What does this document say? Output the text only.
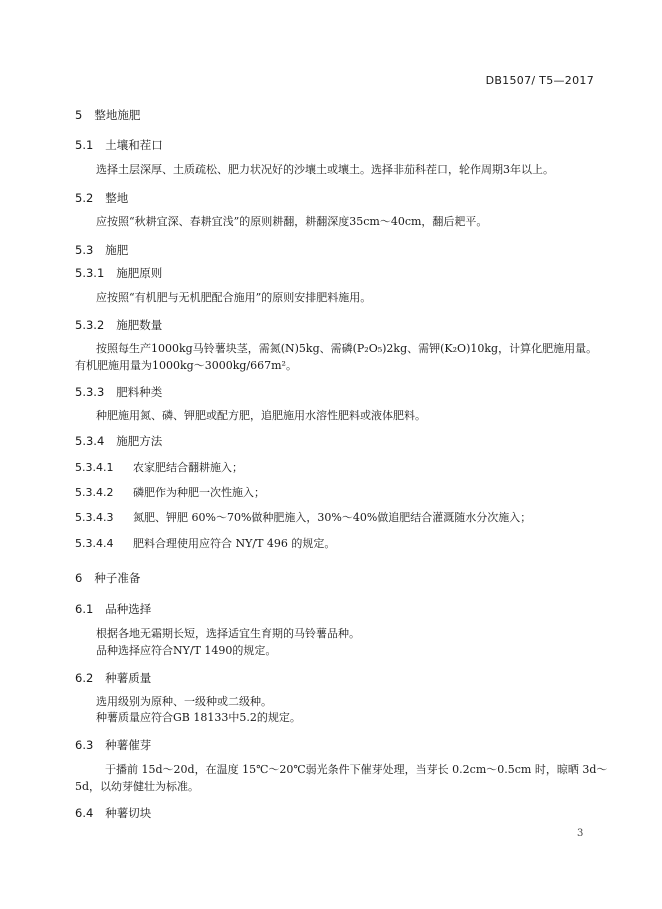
DB1507/ T5—2017
5 整地施肥
5.1 土壤和茬口
选择土层深厚、土质疏松、肥力状况好的沙壤土或壤土。选择非茄科茬口，轮作周期3年以上。
5.2 整地
应按照“秋耕宜深、春耕宜浅”的原则耕翻，耕翻深度35cm～40cm，翻后耙平。
5.3 施肥
5.3.1 施肥原则
应按照“有机肥与无机肥配合施用”的原则安排肥料施用。
5.3.2 施肥数量
按照每生产1000kg马铃薯块茎，需氮(N)5kg、需磷(P₂O₅)2kg、需钾(K₂O)10kg，计算化肥施用量。
有机肥施用量为1000kg～3000kg/667m²。
5.3.3 肥料种类
种肥施用氮、磷、钾肥或配方肥，追肥施用水溶性肥料或液体肥料。
5.3.4 施肥方法
5.3.4.1 农家肥结合翻耕施入；
5.3.4.2 磷肥作为种肥一次性施入；
5.3.4.3 氮肥、钾肥 60%～70%做种肥施入，30%～40%做追肥结合灌溉随水分次施入；
5.3.4.4 肥料合理使用应符合 NY/T 496 的规定。
6 种子准备
6.1 品种选择
根据各地无霜期长短，选择适宜生育期的马铃薯品种。
品种选择应符合NY/T 1490的规定。
6.2 种薯质量
选用级别为原种、一级种或二级种。
种薯质量应符合GB 18133中5.2的规定。
6.3 种薯催芽
于播前 15d～20d，在温度 15℃～20℃弱光条件下催芽处理，当芽长 0.2cm～0.5cm 时，晾晒 3d～
5d，以幼芽健壮为标准。
6.4 种薯切块
3
